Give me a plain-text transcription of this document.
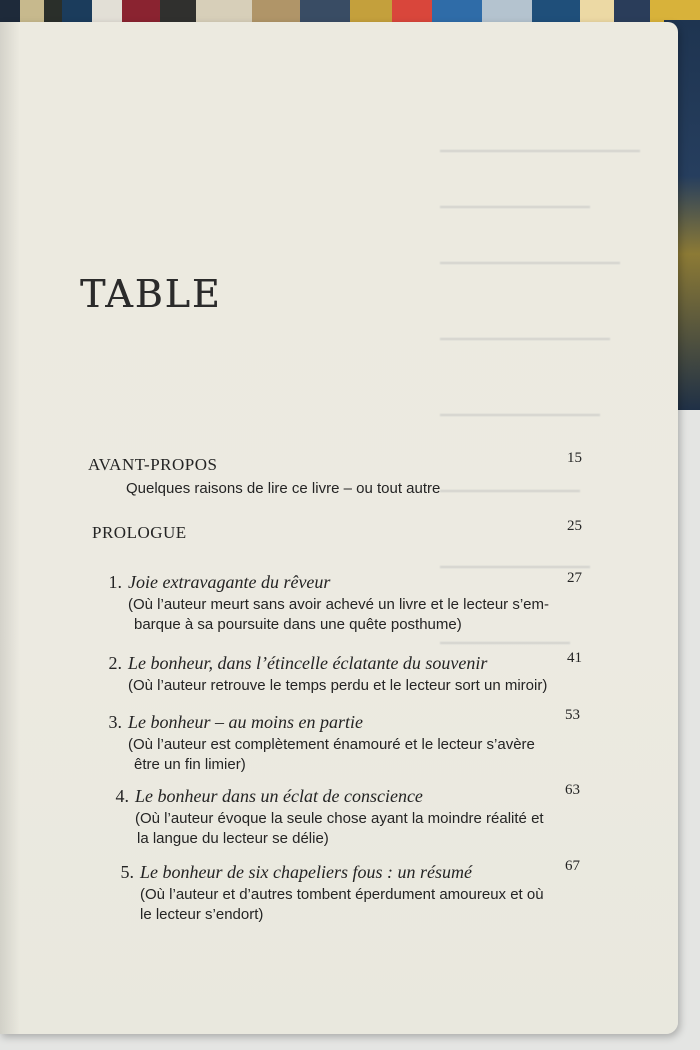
TABLE
AVANT-PROPOS
Quelques raisons de lire ce livre – ou tout autre
15
PROLOGUE	25
1. Joie extravagante du rêveur
(Où l’auteur meurt sans avoir achevé un livre et le lecteur s’em-
barque à sa poursuite dans une quête posthume)
27
2. Le bonheur, dans l’étincelle éclatante du souvenir
(Où l’auteur retrouve le temps perdu et le lecteur sort un miroir)
41
3. Le bonheur – au moins en partie
(Où l’auteur est complètement énamouré et le lecteur s’avère
être un fin limier)
53
4. Le bonheur dans un éclat de conscience
(Où l’auteur évoque la seule chose ayant la moindre réalité et
la langue du lecteur se délie)
63
5. Le bonheur de six chapeliers fous : un résumé
(Où l’auteur et d’autres tombent éperdument amoureux et où
le lecteur s’endort)
67
